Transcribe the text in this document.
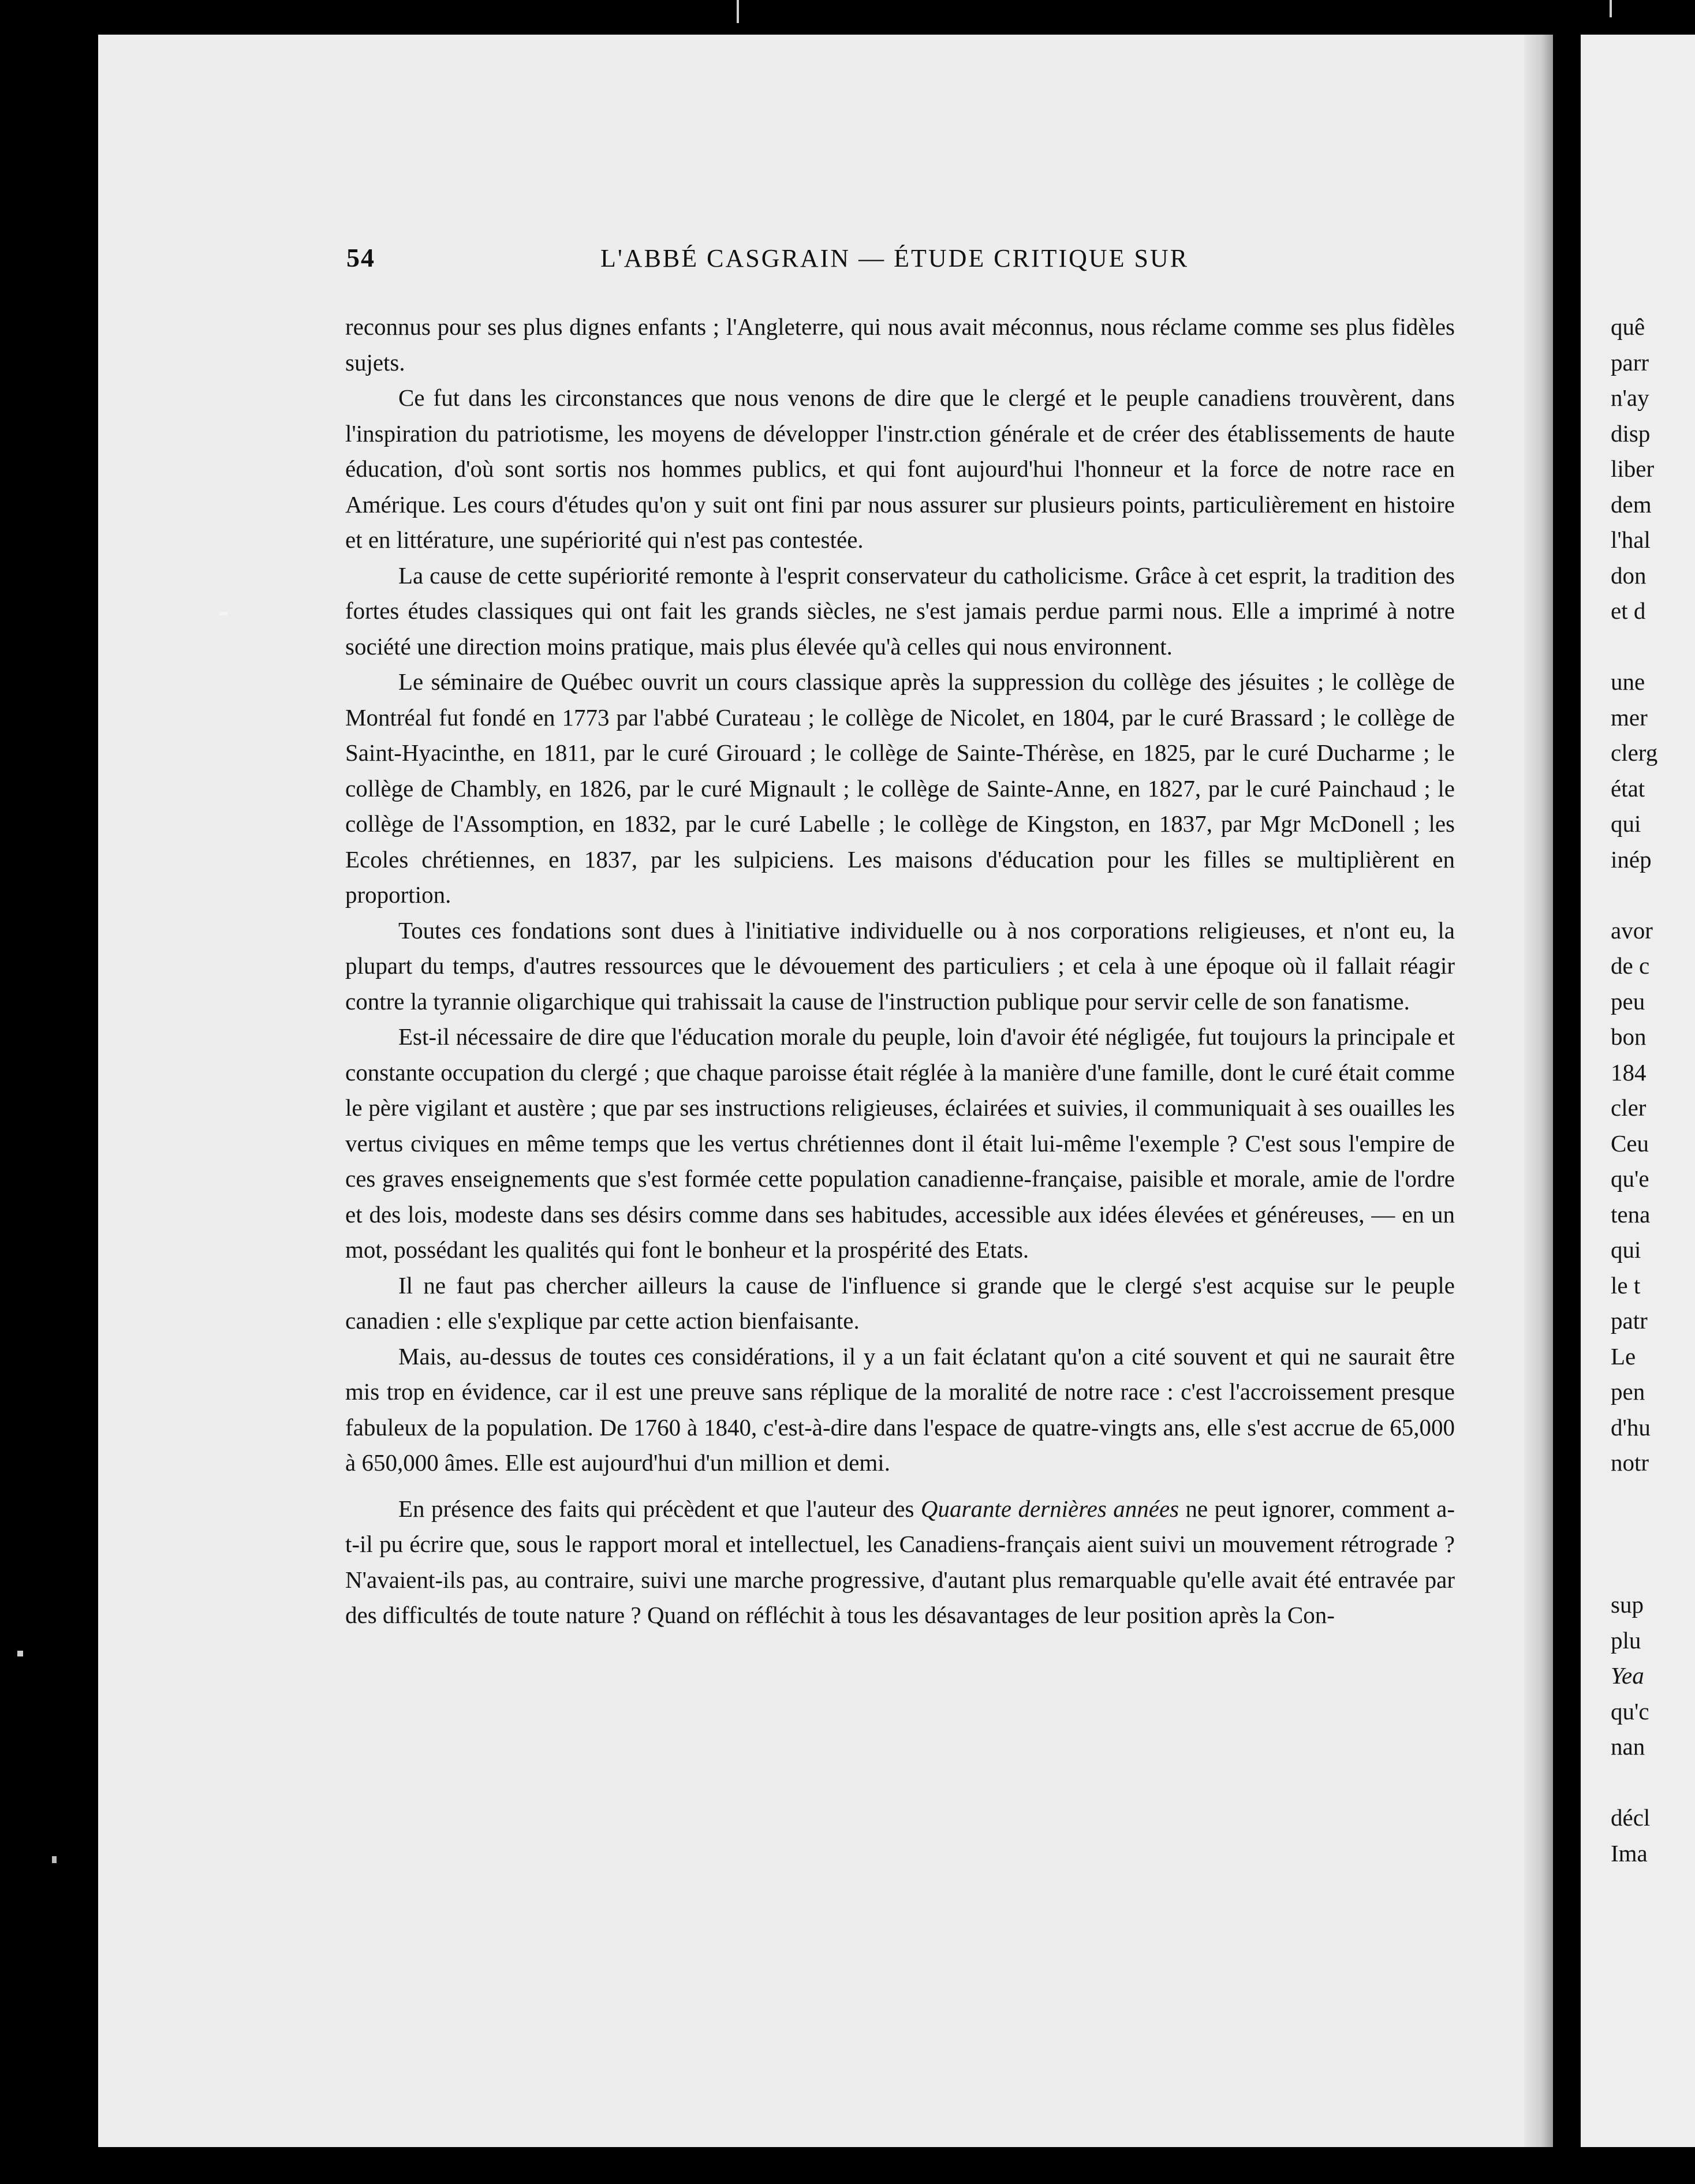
54	L'ABBÉ CASGRAIN — ÉTUDE CRITIQUE SUR

reconnus pour ses plus dignes enfants ; l'Angleterre, qui nous avait méconnus, nous réclame comme ses plus fidèles sujets.

Ce fut dans les circonstances que nous venons de dire que le clergé et le peuple canadiens trouvèrent, dans l'inspiration du patriotisme, les moyens de développer l'instr.ction générale et de créer des établissements de haute éducation, d'où sont sortis nos hommes publics, et qui font aujourd'hui l'honneur et la force de notre race en Amérique. Les cours d'études qu'on y suit ont fini par nous assurer sur plusieurs points, particulièrement en histoire et en littérature, une supériorité qui n'est pas contestée.

La cause de cette supériorité remonte à l'esprit conservateur du catholicisme. Grâce à cet esprit, la tradition des fortes études classiques qui ont fait les grands siècles, ne s'est jamais perdue parmi nous. Elle a imprimé à notre société une direction moins pratique, mais plus élevée qu'à celles qui nous environnent.

Le séminaire de Québec ouvrit un cours classique après la suppression du collège des jésuites ; le collège de Montréal fut fondé en 1773 par l'abbé Curateau ; le collège de Nicolet, en 1804, par le curé Brassard ; le collège de Saint-Hyacinthe, en 1811, par le curé Girouard ; le collège de Sainte-Thérèse, en 1825, par le curé Ducharme ; le collège de Chambly, en 1826, par le curé Mignault ; le collège de Sainte-Anne, en 1827, par le curé Painchaud ; le collège de l'Assomption, en 1832, par le curé Labelle ; le collège de Kingston, en 1837, par Mgr McDonell ; les Ecoles chrétiennes, en 1837, par les sulpiciens. Les maisons d'éducation pour les filles se multiplièrent en proportion.

Toutes ces fondations sont dues à l'initiative individuelle ou à nos corporations religieuses, et n'ont eu, la plupart du temps, d'autres ressources que le dévouement des particuliers ; et cela à une époque où il fallait réagir contre la tyrannie oligarchique qui trahissait la cause de l'instruction publique pour servir celle de son fanatisme.

Est-il nécessaire de dire que l'éducation morale du peuple, loin d'avoir été négligée, fut toujours la principale et constante occupation du clergé ; que chaque paroisse était réglée à la manière d'une famille, dont le curé était comme le père vigilant et austère ; que par ses instructions religieuses, éclairées et suivies, il communiquait à ses ouailles les vertus civiques en même temps que les vertus chrétiennes dont il était lui-même l'exemple ? C'est sous l'empire de ces graves enseignements que s'est formée cette population canadienne-française, paisible et morale, amie de l'ordre et des lois, modeste dans ses désirs comme dans ses habitudes, accessible aux idées élevées et généreuses, — en un mot, possédant les qualités qui font le bonheur et la prospérité des Etats.

Il ne faut pas chercher ailleurs la cause de l'influence si grande que le clergé s'est acquise sur le peuple canadien : elle s'explique par cette action bienfaisante.

Mais, au-dessus de toutes ces considérations, il y a un fait éclatant qu'on a cité souvent et qui ne saurait être mis trop en évidence, car il est une preuve sans réplique de la moralité de notre race : c'est l'accroissement presque fabuleux de la population. De 1760 à 1840, c'est-à-dire dans l'espace de quatre-vingts ans, elle s'est accrue de 65,000 à 650,000 âmes. Elle est aujourd'hui d'un million et demi.

En présence des faits qui précèdent et que l'auteur des Quarante dernières années ne peut ignorer, comment a-t-il pu écrire que, sous le rapport moral et intellectuel, les Canadiens-français aient suivi un mouvement rétrograde ? N'avaient-ils pas, au contraire, suivi une marche progressive, d'autant plus remarquable qu'elle avait été entravée par des difficultés de toute nature ? Quand on réfléchit à tous les désavantages de leur position après la Con-

quê
parr
n'ay
disp
liber
dem
l'hal
don
et d
une
mer
clerg
état
qui
inép
avor
de c
peu
bon
184
cler
Ceu
qu'e
tena
qui
le t
patr
Le
pen
d'hu
notr
sup
plu
Yea
qu'c
nan
décl
Ima
